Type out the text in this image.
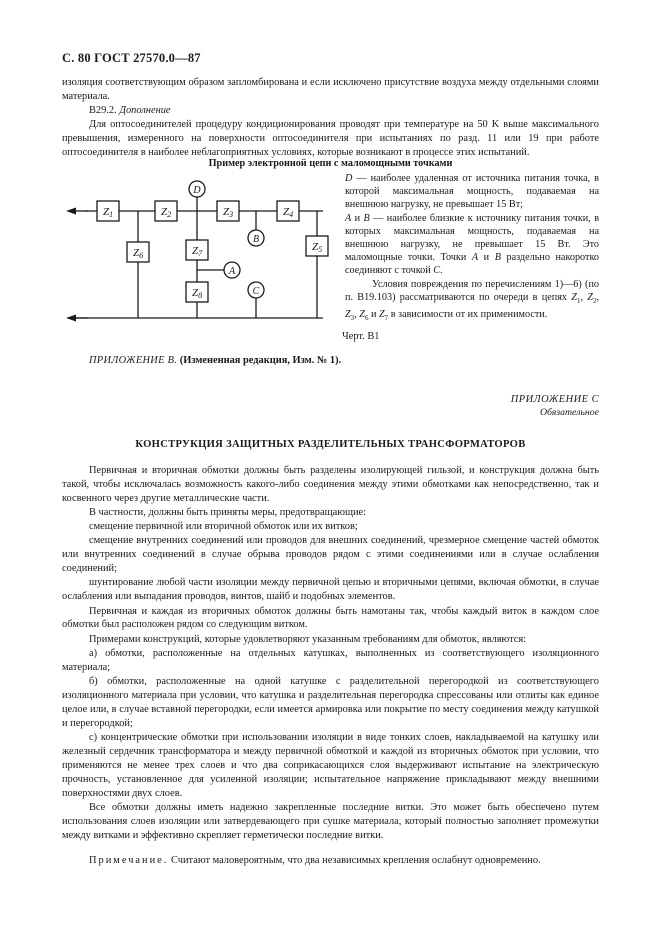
С. 80 ГОСТ 27570.0—87

изоляция соответствующим образом запломбирована и если исключено присутствие воздуха между отдельными слоями материала.

B29.2. Дополнение

Для оптосоединителей процедуру кондиционирования проводят при температуре на 50 K выше максимального превышения, измеренного на поверхности оптосоединителя при испытаниях по разд. 11 или 19 при работе оптосоединителя в наиболее неблагоприятных условиях, которые возникают в процессе этих испытаний.

Пример электронной цепи с маломощными точками
Z1	Z2	Z3	Z4
Z5
Z6	Z7
Z8
D
B
A
C

D — наиболее удаленная от источника питания точка, в которой максимальная мощность, подаваемая на внешнюю нагрузку, не превышает 15 Вт;

A и B — наиболее близкие к источнику питания точки, в которых максимальная мощность, подаваемая на внешнюю нагрузку, не превышает 15 Вт. Это маломощные точки. Точки A и B раздельно накоротко соединяют с точкой C.

Условия повреждения по перечислениям 1)—6) (по п. В19.103) рассматриваются по очереди в цепях $Z_1$, $Z_2$, $Z_3$, $Z_6$ и $Z_7$ в зависимости от их применимости.

Черт. В1
ПРИЛОЖЕНИЕ В. (Измененная редакция, Изм. № 1).
ПРИЛОЖЕНИЕ С
Обязательное
КОНСТРУКЦИЯ ЗАЩИТНЫХ РАЗДЕЛИТЕЛЬНЫХ ТРАНСФОРМАТОРОВ

Первичная и вторичная обмотки должны быть разделены изолирующей гильзой, и конструкция должна быть такой, чтобы исключалась возможность какого-либо соединения между этими обмотками как непосредственно, так и косвенного через другие металлические части.

В частности, должны быть приняты меры, предотвращающие:

смещение первичной или вторичной обмоток или их витков;

смещение внутренних соединений или проводов для внешних соединений, чрезмерное смещение частей обмоток или внутренних соединений в случае обрыва проводов рядом с этими соединениями или в случае ослабления соединений;

шунтирование любой части изоляции между первичной цепью и вторичными цепями, включая обмотки, в случае ослабления или выпадания проводов, винтов, шайб и подобных элементов.

Первичная и каждая из вторичных обмоток должны быть намотаны так, чтобы каждый виток в каждом слое обмотки был расположен рядом со следующим витком.

Примерами конструкций, которые удовлетворяют указанным требованиям для обмоток, являются:

а) обмотки, расположенные на отдельных катушках, выполненных из соответствующего изоляционного материала;

б) обмотки, расположенные на одной катушке с разделительной перегородкой из соответствующего изоляционного материала при условии, что катушка и разделительная перегородка спрессованы или отлиты как единое целое или, в случае вставной перегородки, если имеется армировка или покрытие по месту соединения между катушкой и перегородкой;

с) концентрические обмотки при использовании изоляции в виде тонких слоев, накладываемой на катушку или железный сердечник трансформатора и между первичной обмоткой и каждой из вторичных обмоток при условии, что применяются не менее трех слоев и что два соприкасающихся слоя выдерживают испытание на электрическую прочность, установленное для усиленной изоляции; испытательное напряжение прикладывают между внешними поверхностями двух слоев.

Все обмотки должны иметь надежно закрепленные последние витки. Это может быть обеспечено путем использования слоев изоляции или затвердевающего при сушке материала, который полностью заполняет промежутки между витками и эффективно скрепляет герметически последние витки.

Примечание. Считают маловероятным, что два независимых крепления ослабнут одновременно.
